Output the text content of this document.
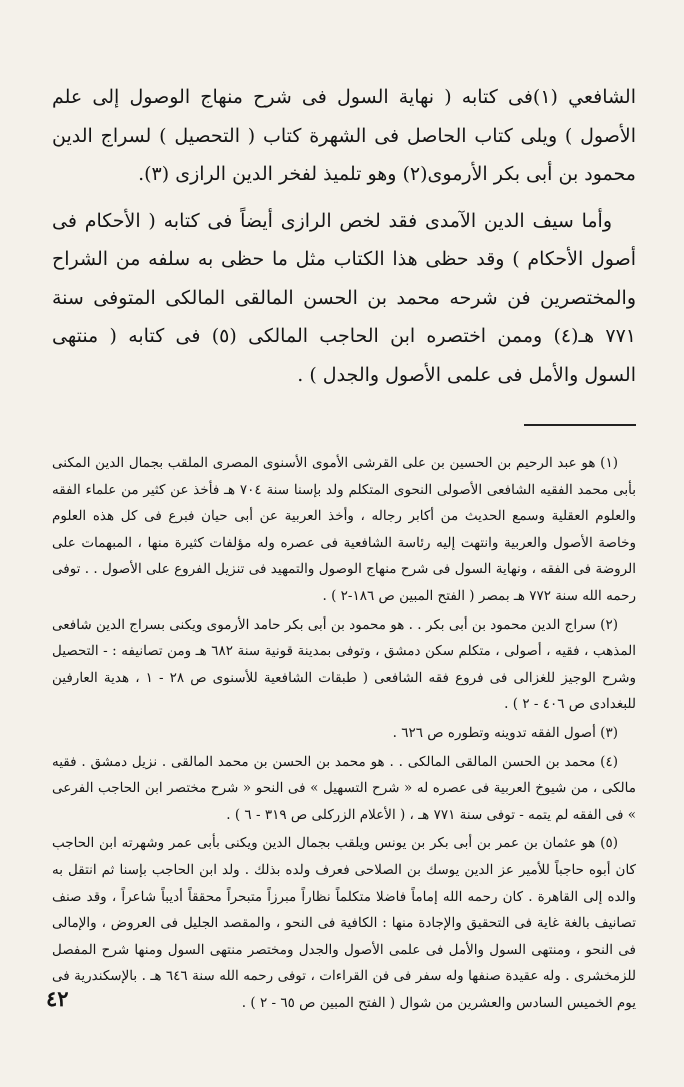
الشافعي (١)فى كتابه ( نهاية السول فى شرح منهاج الوصول إلى علم الأصول ) ويلى كتاب الحاصل فى الشهرة كتاب ( التحصيل ) لسراج الدين محمود بن أبى بكر الأرموى(٢) وهو تلميذ لفخر الدين الرازى (٣).

وأما سيف الدين الآمدى فقد لخص الرازى أيضاً فى كتابه ( الأحكام فى أصول الأحكام ) وقد حظى هذا الكتاب مثل ما حظى به سلفه من الشراح والمختصرين فن شرحه محمد بن الحسن المالقى المالكى المتوفى سنة ٧٧١ هـ(٤) وممن اختصره ابن الحاجب المالكى (٥) فى كتابه ( منتهى السول والأمل فى علمى الأصول والجدل ) .

(١) هو عبد الرحيم بن الحسين بن على القرشى الأموى الأسنوى المصرى الملقب بجمال الدين المكنى بأبى محمد الفقيه الشافعى الأصولى النحوى المتكلم ولد بإسنا سنة ٧٠٤ هـ فأخذ عن كثير من علماء الفقه والعلوم العقلية وسمع الحديث من أكابر رجاله ، وأخذ العربية عن أبى حيان فبرع فى كل هذه العلوم وخاصة الأصول والعربية وانتهت إليه رئاسة الشافعية فى عصره وله مؤلفات كثيرة منها ، المبهمات على الروضة فى الفقه ، ونهاية السول فى شرح منهاج الوصول والتمهيد فى تنزيل الفروع على الأصول . . توفى رحمه الله سنة ٧٧٢ هـ بمصر ( الفتح المبين ص ١٨٦-٢ ) .

(٢) سراج الدين محمود بن أبى بكر . . هو محمود بن أبى بكر حامد الأرموى ويكنى بسراج الدين شافعى المذهب ، فقيه ، أصولى ، متكلم سكن دمشق ، وتوفى بمدينة قونية سنة ٦٨٢ هـ ومن تصانيفه : - التحصيل وشرح الوجيز للغزالى فى فروع فقه الشافعى ( طبقات الشافعية للأسنوى ص ٢٨ - ١ ، هدية العارفين للبغدادى ص ٤٠٦ - ٢ ) .

(٣) أصول الفقه تدوينه وتطوره ص ٦٢٦ .

(٤) محمد بن الحسن المالقى المالكى . . هو محمد بن الحسن بن محمد المالقى . نزيل دمشق . فقيه مالكى ، من شيوخ العربية فى عصره له « شرح التسهيل » فى النحو « شرح مختصر ابن الحاجب الفرعى » فى الفقه لم يتمه - توفى سنة ٧٧١ هـ ، ( الأعلام الزركلى ص ٣١٩ - ٦ ) .

(٥) هو عثمان بن عمر بن أبى بكر بن يونس ويلقب بجمال الدين ويكنى بأبى عمر وشهرته ابن الحاجب كان أبوه حاجباً للأمير عز الدين يوسك بن الصلاحى فعرف ولده بذلك . ولد ابن الحاجب بإسنا ثم انتقل به والده إلى القاهرة . كان رحمه الله إماماً فاضلا متكلماً نظاراً مبرزاً متبحراً محققاً أديباً شاعراً ، وقد صنف تصانيف بالغة غاية فى التحقيق والإجادة منها : الكافية فى النحو ، والمقصد الجليل فى العروض ، والإمالى فى النحو ، ومنتهى السول والأمل فى علمى الأصول والجدل ومختصر منتهى السول ومنها شرح المفصل للزمخشرى . وله عقيدة صنفها وله سفر فى فن القراءات ، توفى رحمه الله سنة ٦٤٦ هـ . بالإسكندرية فى يوم الخميس السادس والعشرين من شوال ( الفتح المبين ص ٦٥ - ٢ ) .

٤٢
